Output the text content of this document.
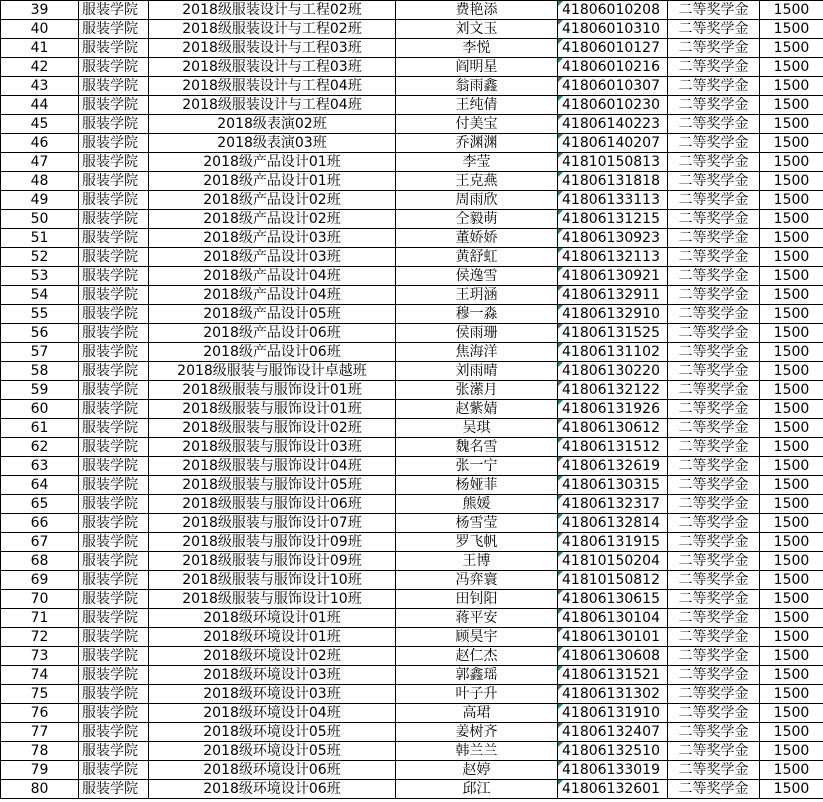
39	服装学院	2018级服装设计与工程02班	费艳添	41806010208	二等奖学金	1500
40	服装学院	2018级服装设计与工程02班	刘文玉	41806010310	二等奖学金	1500
41	服装学院	2018级服装设计与工程03班	李悦	41806010127	二等奖学金	1500
42	服装学院	2018级服装设计与工程03班	阎明星	41806010216	二等奖学金	1500
43	服装学院	2018级服装设计与工程04班	翁雨鑫	41806010307	二等奖学金	1500
44	服装学院	2018级服装设计与工程04班	王纯倩	41806010230	二等奖学金	1500
45	服装学院	2018级表演02班	付美宝	41806140223	二等奖学金	1500
46	服装学院	2018级表演03班	乔渊渊	41806140207	二等奖学金	1500
47	服装学院	2018级产品设计01班	李莹	41810150813	二等奖学金	1500
48	服装学院	2018级产品设计01班	王克燕	41806131818	二等奖学金	1500
49	服装学院	2018级产品设计02班	周雨欣	41806133113	二等奖学金	1500
50	服装学院	2018级产品设计02班	仝毅萌	41806131215	二等奖学金	1500
51	服装学院	2018级产品设计03班	董娇娇	41806130923	二等奖学金	1500
52	服装学院	2018级产品设计03班	黄舒虹	41806132113	二等奖学金	1500
53	服装学院	2018级产品设计04班	侯逸雪	41806130921	二等奖学金	1500
54	服装学院	2018级产品设计04班	王玥涵	41806132911	二等奖学金	1500
55	服装学院	2018级产品设计05班	穆一淼	41806132910	二等奖学金	1500
56	服装学院	2018级产品设计06班	侯雨珊	41806131525	二等奖学金	1500
57	服装学院	2018级产品设计06班	焦海洋	41806131102	二等奖学金	1500
58	服装学院	2018级服装与服饰设计卓越班	刘雨晴	41806130220	二等奖学金	1500
59	服装学院	2018级服装与服饰设计01班	张潆月	41806132122	二等奖学金	1500
60	服装学院	2018级服装与服饰设计01班	赵紫婧	41806131926	二等奖学金	1500
61	服装学院	2018级服装与服饰设计02班	吴琪	41806130612	二等奖学金	1500
62	服装学院	2018级服装与服饰设计03班	魏名雪	41806131512	二等奖学金	1500
63	服装学院	2018级服装与服饰设计04班	张一宁	41806132619	二等奖学金	1500
64	服装学院	2018级服装与服饰设计05班	杨娅菲	41806130315	二等奖学金	1500
65	服装学院	2018级服装与服饰设计06班	熊媛	41806132317	二等奖学金	1500
66	服装学院	2018级服装与服饰设计07班	杨雪莹	41806132814	二等奖学金	1500
67	服装学院	2018级服装与服饰设计09班	罗飞帆	41806131915	二等奖学金	1500
68	服装学院	2018级服装与服饰设计09班	王博	41810150204	二等奖学金	1500
69	服装学院	2018级服装与服饰设计10班	冯弈寰	41810150812	二等奖学金	1500
70	服装学院	2018级服装与服饰设计10班	田钊阳	41806130615	二等奖学金	1500
71	服装学院	2018级环境设计01班	蒋平安	41806130104	二等奖学金	1500
72	服装学院	2018级环境设计01班	顾昊宇	41806130101	二等奖学金	1500
73	服装学院	2018级环境设计02班	赵仁杰	41806130608	二等奖学金	1500
74	服装学院	2018级环境设计03班	郭鑫瑶	41806131521	二等奖学金	1500
75	服装学院	2018级环境设计03班	叶子升	41806131302	二等奖学金	1500
76	服装学院	2018级环境设计04班	高珺	41806131910	二等奖学金	1500
77	服装学院	2018级环境设计05班	姜树齐	41806132407	二等奖学金	1500
78	服装学院	2018级环境设计05班	韩兰兰	41806132510	二等奖学金	1500
79	服装学院	2018级环境设计06班	赵婷	41806133019	二等奖学金	1500
80	服装学院	2018级环境设计06班	邱江	41806132601	二等奖学金	1500
